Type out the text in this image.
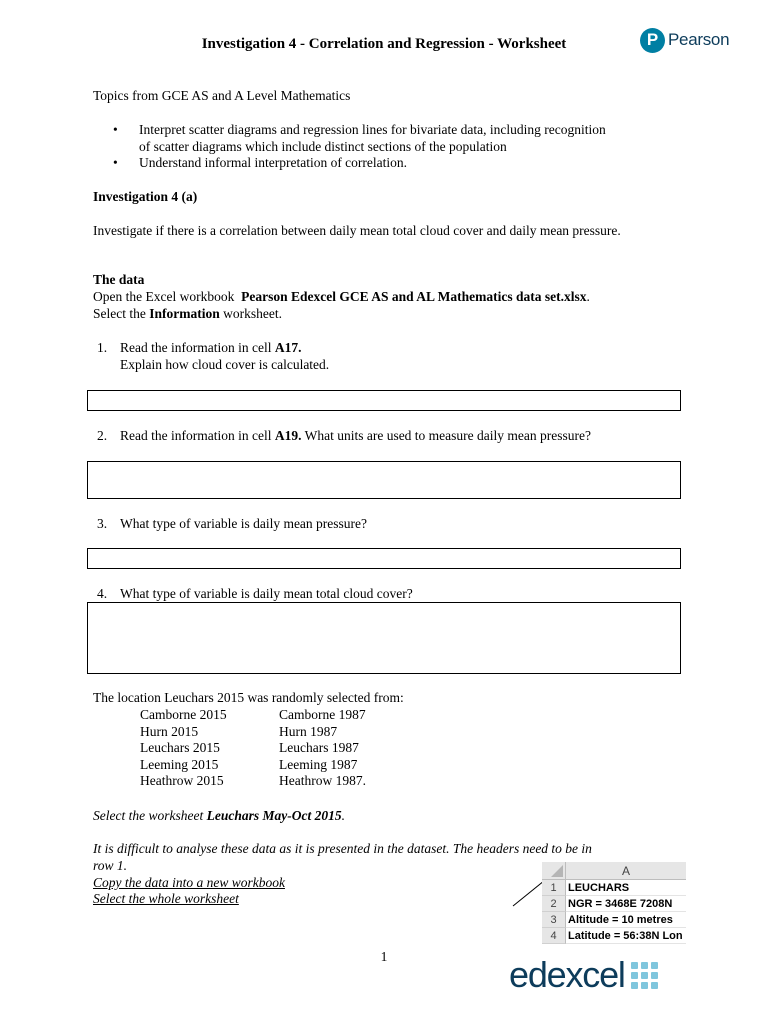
Investigation 4 - Correlation and Regression - Worksheet	P Pearson
Topics from GCE AS and A Level Mathematics
• Interpret scatter diagrams and regression lines for bivariate data, including recognition
of scatter diagrams which include distinct sections of the population
• Understand informal interpretation of correlation.
Investigation 4 (a)
Investigate if there is a correlation between daily mean total cloud cover and daily mean pressure.
The data
Open the Excel workbook Pearson Edexcel GCE AS and AL Mathematics data set.xlsx.
Select the Information worksheet.
1. Read the information in cell A17.
Explain how cloud cover is calculated.
2. Read the information in cell A19. What units are used to measure daily mean pressure?
3. What type of variable is daily mean pressure?
4. What type of variable is daily mean total cloud cover?
The location Leuchars 2015 was randomly selected from:
Camborne 2015	Camborne 1987
Hurn 2015	Hurn 1987
Leuchars 2015	Leuchars 1987
Leeming 2015	Leeming 1987
Heathrow 2015	Heathrow 1987.
Select the worksheet Leuchars May-Oct 2015.
It is difficult to analyse these data as it is presented in the dataset. The headers need to be in
row 1.
Copy the data into a new workbook
Select the whole worksheet
A
1	LEUCHARS
2	NGR = 3468E 7208N
3	Altitude = 10 metres
4	Latitude = 56:38N Lon
1	edexcel
